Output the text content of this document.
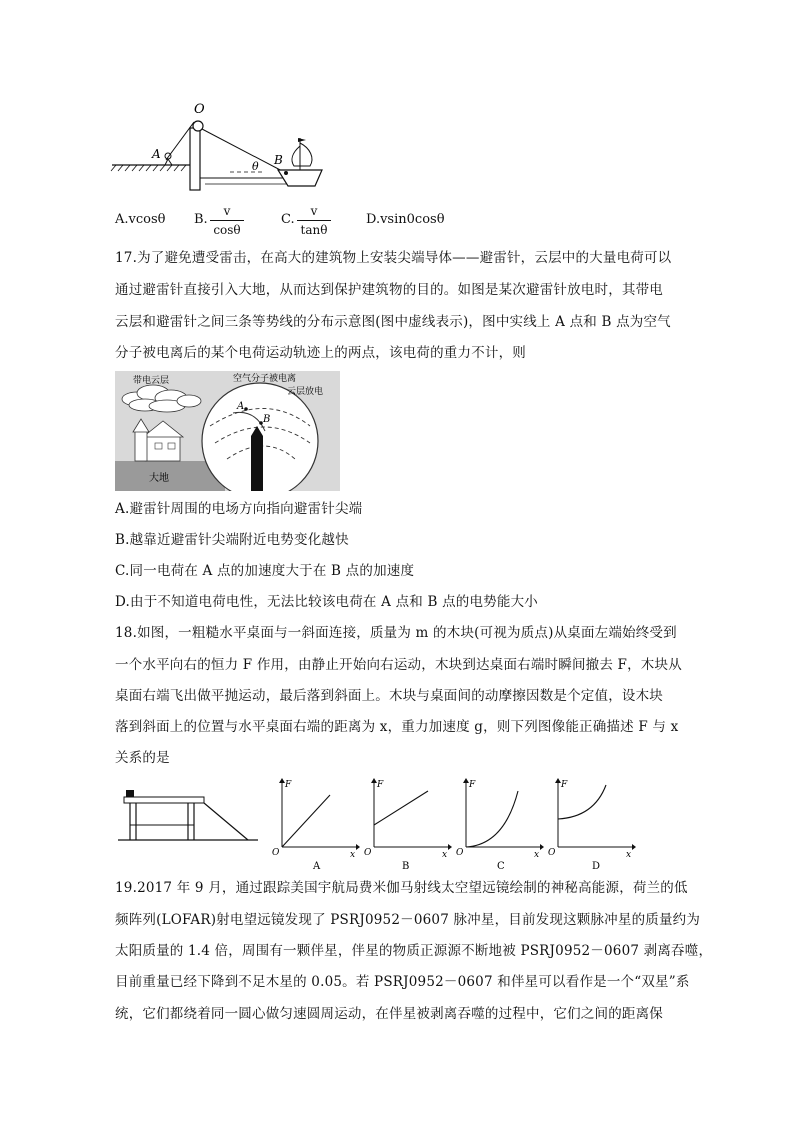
O
A	B
θ
A.vcosθ B.
v
cosθ
C.
v
tanθ
D.vsin0cosθ
17.为了避免遭受雷击，在高大的建筑物上安装尖端导体——避雷针，云层中的大量电荷可以
通过避雷针直接引入大地，从而达到保护建筑物的目的。如图是某次避雷针放电时，其带电
云层和避雷针之间三条等势线的分布示意图(图中虚线表示)，图中实线上 A 点和 B 点为空气
分子被电离后的某个电荷运动轨迹上的两点，该电荷的重力不计，则
带电云层	空气分子被电离
云层放电
大地
A
B
A.避雷针周围的电场方向指向避雷针尖端
B.越靠近避雷针尖端附近电势变化越快
C.同一电荷在 A 点的加速度大于在 B 点的加速度
D.由于不知道电荷电性，无法比较该电荷在 A 点和 B 点的电势能大小
18.如图，一粗糙水平桌面与一斜面连接，质量为 m 的木块(可视为质点)从桌面左端始终受到
一个水平向右的恒力 F 作用，由静止开始向右运动，木块到达桌面右端时瞬间撤去 F，木块从
桌面右端飞出做平抛运动，最后落到斜面上。木块与桌面间的动摩擦因数是个定值，设木块
落到斜面上的位置与水平桌面右端的距离为 x，重力加速度 g，则下列图像能正确描述 F 与 x
关系的是
F
x
O
A
F
x
O
B
F
x
O
C
F
x
O
D
19.2017 年 9 月，通过跟踪美国宇航局费米伽马射线太空望远镜绘制的神秘高能源，荷兰的低
频阵列(LOFAR)射电望远镜发现了 PSRJ0952－0607 脉冲星，目前发现这颗脉冲星的质量约为
太阳质量的 1.4 倍，周围有一颗伴星，伴星的物质正源源不断地被 PSRJ0952－0607 剥离吞噬，
目前重量已经下降到不足木星的 0.05。若 PSRJ0952－0607 和伴星可以看作是一个“双星”系
统，它们都绕着同一圆心做匀速圆周运动，在伴星被剥离吞噬的过程中，它们之间的距离保
